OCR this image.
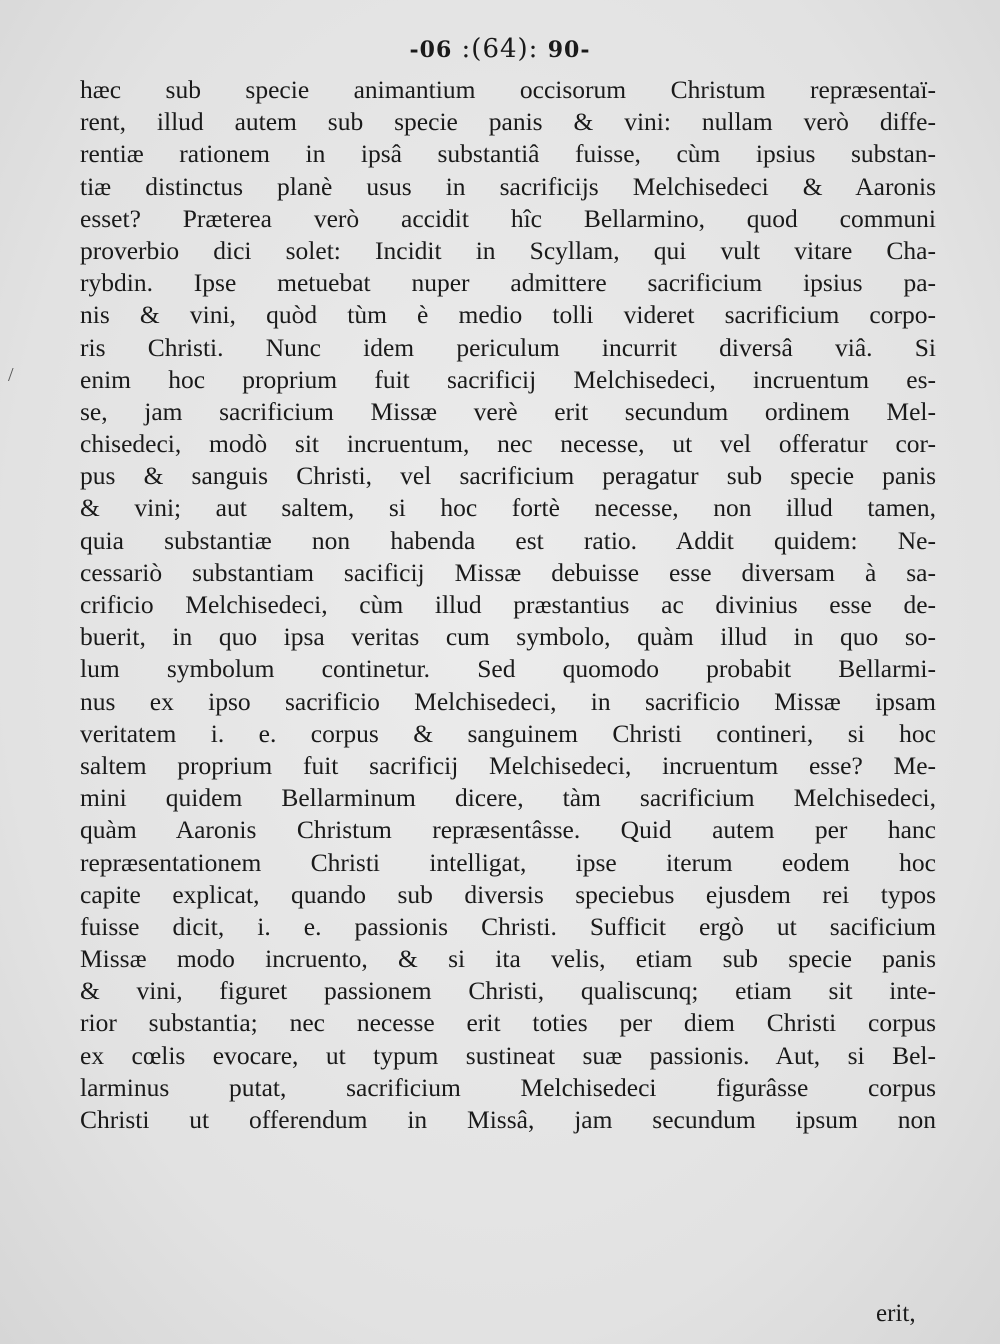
-06 :(64): 90-
/
hæc sub specie animantium occisorum Christum repræsentaï-
rent, illud autem sub specie panis & vini: nullam verò diffe-
rentiæ rationem in ipsâ substantiâ fuisse, cùm ipsius substan-
tiæ distinctus planè usus in sacrificijs Melchisedeci & Aaronis
esset? Præterea verò accidit hîc Bellarmino, quod communi
proverbio dici solet: Incidit in Scyllam, qui vult vitare Cha-
rybdin. Ipse metuebat nuper admittere sacrificium ipsius pa-
nis & vini, quòd tùm è medio tolli videret sacrificium corpo-
ris Christi. Nunc idem periculum incurrit diversâ viâ. Si
enim hoc proprium fuit sacrificij Melchisedeci, incruentum es-
se, jam sacrificium Missæ verè erit secundum ordinem Mel-
chisedeci, modò sit incruentum, nec necesse, ut vel offeratur cor-
pus & sanguis Christi, vel sacrificium peragatur sub specie panis
& vini; aut saltem, si hoc fortè necesse, non illud tamen,
quia substantiæ non habenda est ratio. Addit quidem: Ne-
cessariò substantiam sacificij Missæ debuisse esse diversam à sa-
crificio Melchisedeci, cùm illud præstantius ac divinius esse de-
buerit, in quo ipsa veritas cum symbolo, quàm illud in quo so-
lum symbolum continetur. Sed quomodo probabit Bellarmi-
nus ex ipso sacrificio Melchisedeci, in sacrificio Missæ ipsam
veritatem i. e. corpus & sanguinem Christi contineri, si hoc
saltem proprium fuit sacrificij Melchisedeci, incruentum esse? Me-
mini quidem Bellarminum dicere, tàm sacrificium Melchisedeci,
quàm Aaronis Christum repræsentâsse. Quid autem per hanc
repræsentationem Christi intelligat, ipse iterum eodem hoc
capite explicat, quando sub diversis speciebus ejusdem rei typos
fuisse dicit, i. e. passionis Christi. Sufficit ergò ut sacificium
Missæ modo incruento, & si ita velis, etiam sub specie panis
& vini, figuret passionem Christi, qualiscunq; etiam sit inte-
rior substantia; nec necesse erit toties per diem Christi corpus
ex cœlis evocare, ut typum sustineat suæ passionis. Aut, si Bel-
larminus putat, sacrificium Melchisedeci figurâsse corpus
Christi ut offerendum in Missâ, jam secundum ipsum non
erit,
